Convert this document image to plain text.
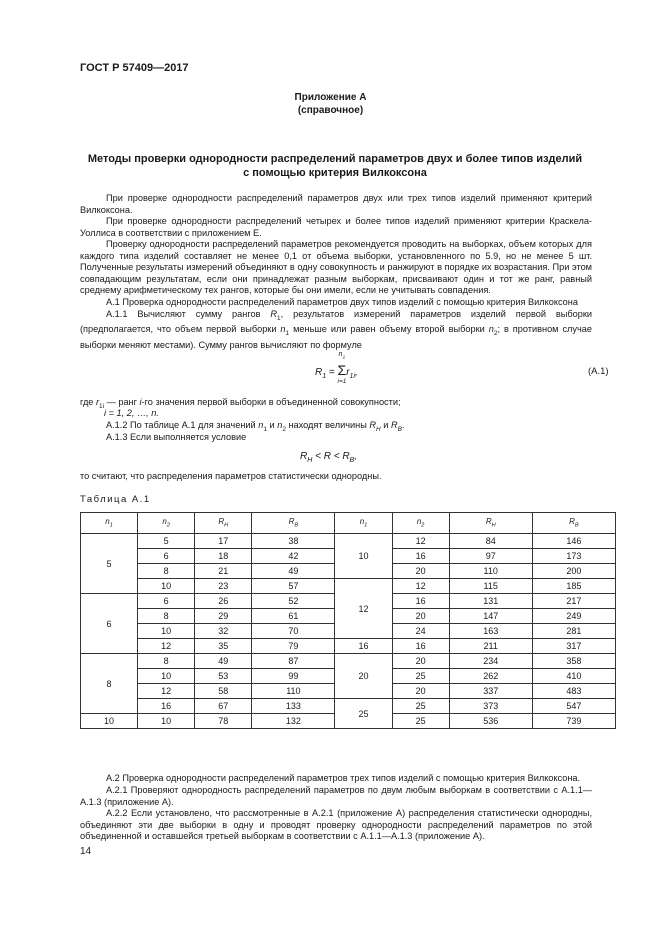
ГОСТ Р 57409—2017
Приложение А
(справочное)
Методы проверки однородности распределений параметров двух и более типов изделий
с помощью критерия Вилкоксона
При проверке однородности распределений параметров двух или трех типов изделий применяют критерий Вилкоксона.
При проверке однородности распределений четырех и более типов изделий применяют критерии Краскела-Уоллиса в соответствии с приложением Е.
Проверку однородности распределений параметров рекомендуется проводить на выборках, объем которых для каждого типа изделий составляет не менее 0,1 от объема выборки, установленного по 5.9, но не менее 5 шт. Полученные результаты измерений объединяют в одну совокупность и ранжируют в порядке их возрастания. При этом совпадающим результатам, если они принадлежат разным выборкам, присваивают один и тот же ранг, равный среднему арифметическому тех рангов, которые бы они имели, если не учитывать совпадения.
А.1 Проверка однородности распределений параметров двух типов изделий с помощью критерия Вилкоксона
А.1.1 Вычисляют сумму рангов $R_1$, результатов измерений параметров изделий первой выборки (предполагается, что объем первой выборки $n_1$ меньше или равен объему второй выборки $n_2$; в противном случае выборки меняют местами). Сумму рангов вычисляют по формуле
$R_1$ =
$n_1$
Σ
i=1
$r_{1i}$,	(А.1)
где $r_{1i}$ — ранг i-го значения первой выборки в объединенной совокупности;
i = 1, 2, …, n.
А.1.2 По таблице А.1 для значений $n_1$ и $n_2$ находят величины $R_H$ и $R_B$.
А.1.3 Если выполняется условие
$R_H < R < R_B$,
то считают, что распределения параметров статистически однородны.
Таблица А.1
$n_1$	$n_2$	$R_H$	$R_B$	$n_1$	$n_2$	$R_H$	$R_B$
5	5	17	38	10	12	84	146
	6	18	42		16	97	173
	8	21	49		20	110	200
	10	23	57	12	12	115	185
6	6	26	52		16	131	217
	8	29	61		20	147	249
	10	32	70		24	163	281
	12	35	79	16	16	211	317
8	8	49	87	20	20	234	358
	10	53	99		25	262	410
	12	58	110		20	337	483
	16	67	133	25	25	373	547
10	10	78	132		25	536	739
А.2 Проверка однородности распределений параметров трех типов изделий с помощью критерия Вилкоксона.
А.2.1 Проверяют однородность распределений параметров по двум любым выборкам в соответствии с А.1.1—А.1.3 (приложение А).
А.2.2 Если установлено, что рассмотренные в А.2.1 (приложение А) распределения статистически однородны, объединяют эти две выборки в одну и проводят проверку однородности распределений параметров по этой объединенной и оставшейся третьей выборкам в соответствии с А.1.1—А.1.3 (приложение А).
14
